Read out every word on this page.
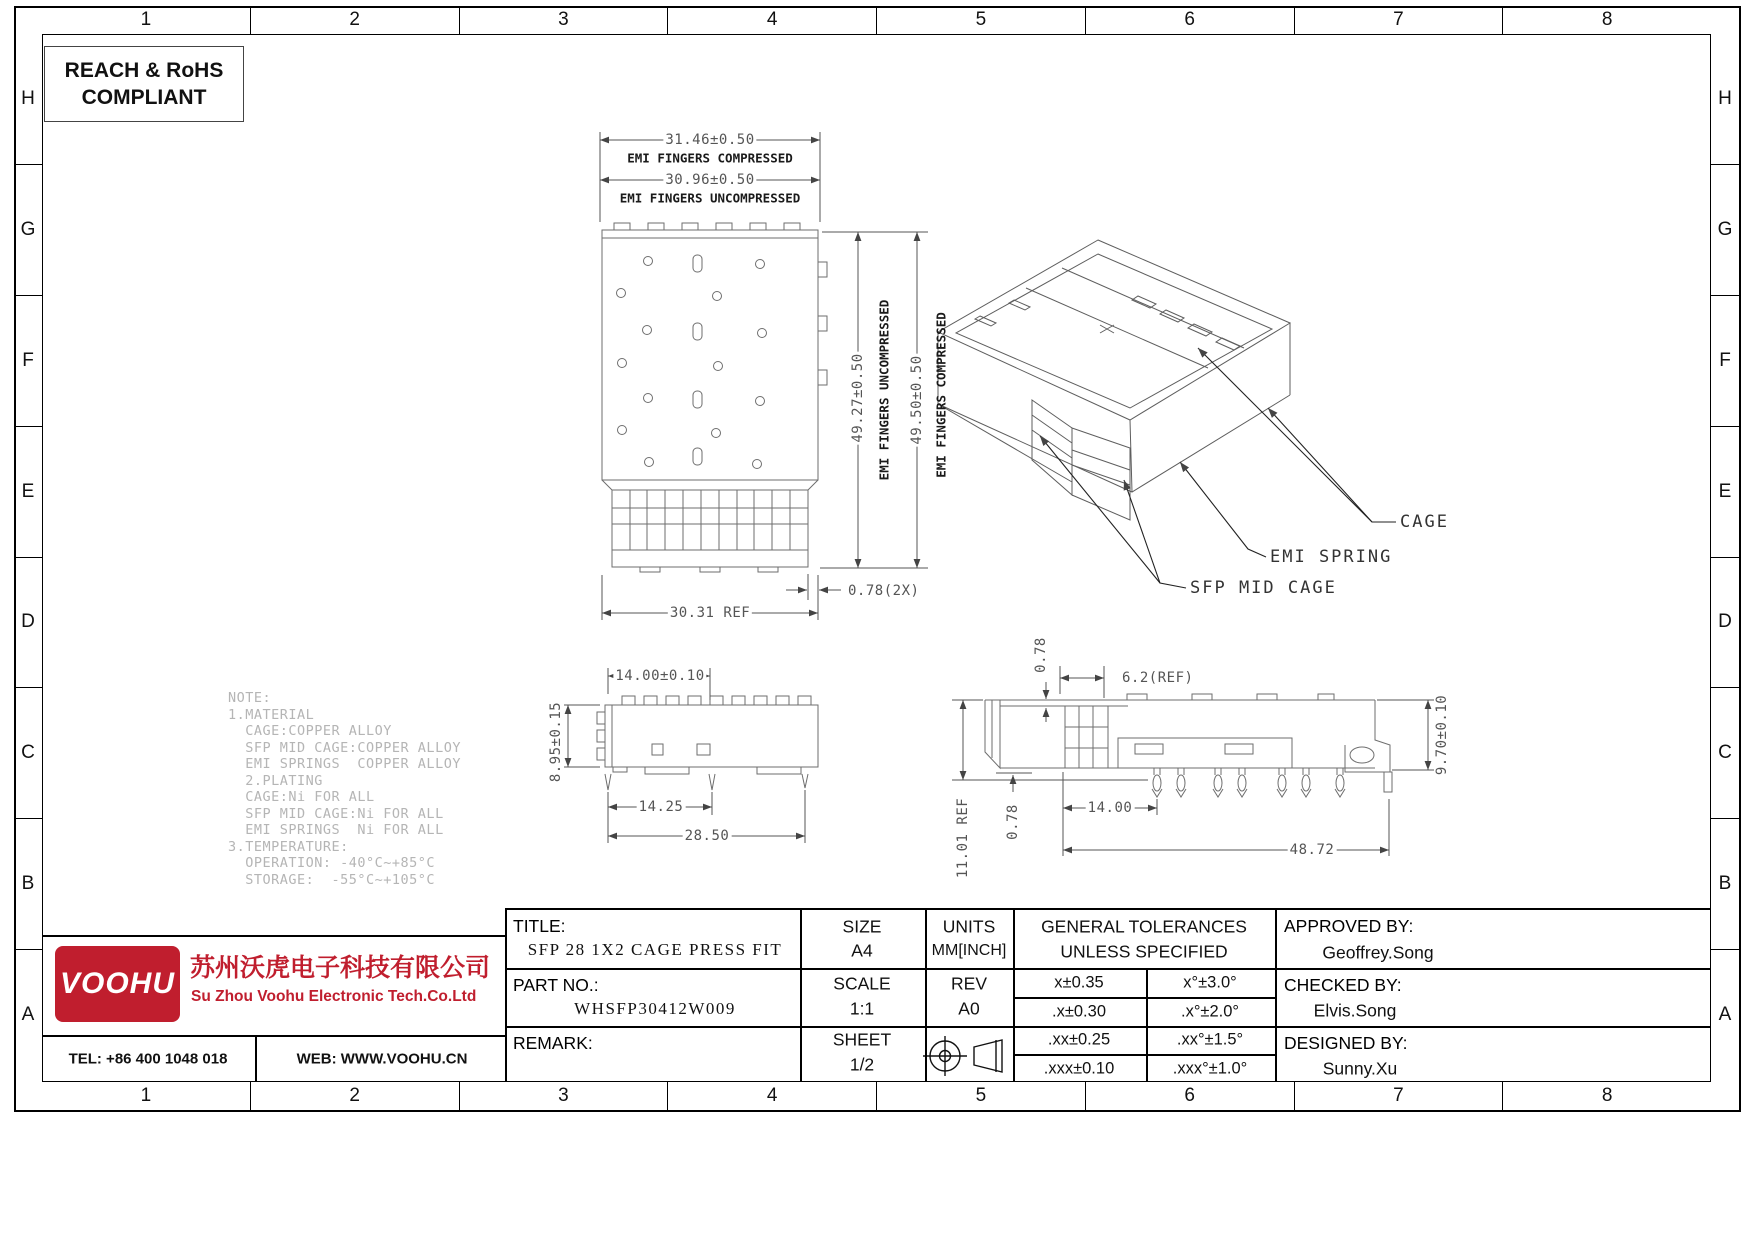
1	2	3	4	5	6	7	8
1	2	3	4	5	6	7	8
H
G
F
E
D
C
B
A
H
G
F
E
D
C
B
A
REACH & RoHS
COMPLIANT
31.46±0.50
EMI FINGERS COMPRESSED
30.96±0.50
EMI FINGERS UNCOMPRESSED
49.27±0.50 EMI FINGERS UNCOMPRESSED 49.50±0.50 EMI FINGERS COMPRESSED
30.31 REF
0.78(2X)
CAGE
EMI SPRING
SFP MID CAGE
14.00±0.10
8.95±0.15
14.25
28.50
0.78
6.2(REF)
11.01 REF 0.78	14.00
48.72
9.70±0.10
NOTE:
1.MATERIAL
CAGE:COPPER ALLOY
SFP MID CAGE:COPPER ALLOY
EMI SPRINGS  COPPER ALLOY
2.PLATING
CAGE:Ni FOR ALL
SFP MID CAGE:Ni FOR ALL
EMI SPRINGS  Ni FOR ALL
3.TEMPERATURE:
OPERATION: -40°C~+85°C
STORAGE:  -55°C~+105°C
TITLE:
SFP 28 1X2 CAGE PRESS FIT
SIZE
A4
UNITS
MM[INCH]
GENERAL TOLERANCES
UNLESS SPECIFIED
APPROVED BY:
Geoffrey.Song
PART NO.:
WHSFP30412W009
SCALE
1:1
REV
A0
x±0.35	x°±3.0°
.x±0.30	.x°±2.0°
CHECKED BY:
Elvis.Song
REMARK:	SHEET
1/2
.xx±0.25	.xx°±1.5°
.xxx±0.10	.xxx°±1.0°
DESIGNED BY:
Sunny.Xu
VOOHU 苏州沃虎电子科技有限公司
Su Zhou Voohu Electronic Tech.Co.Ltd
TEL: +86 400 1048 018	WEB: WWW.VOOHU.CN
